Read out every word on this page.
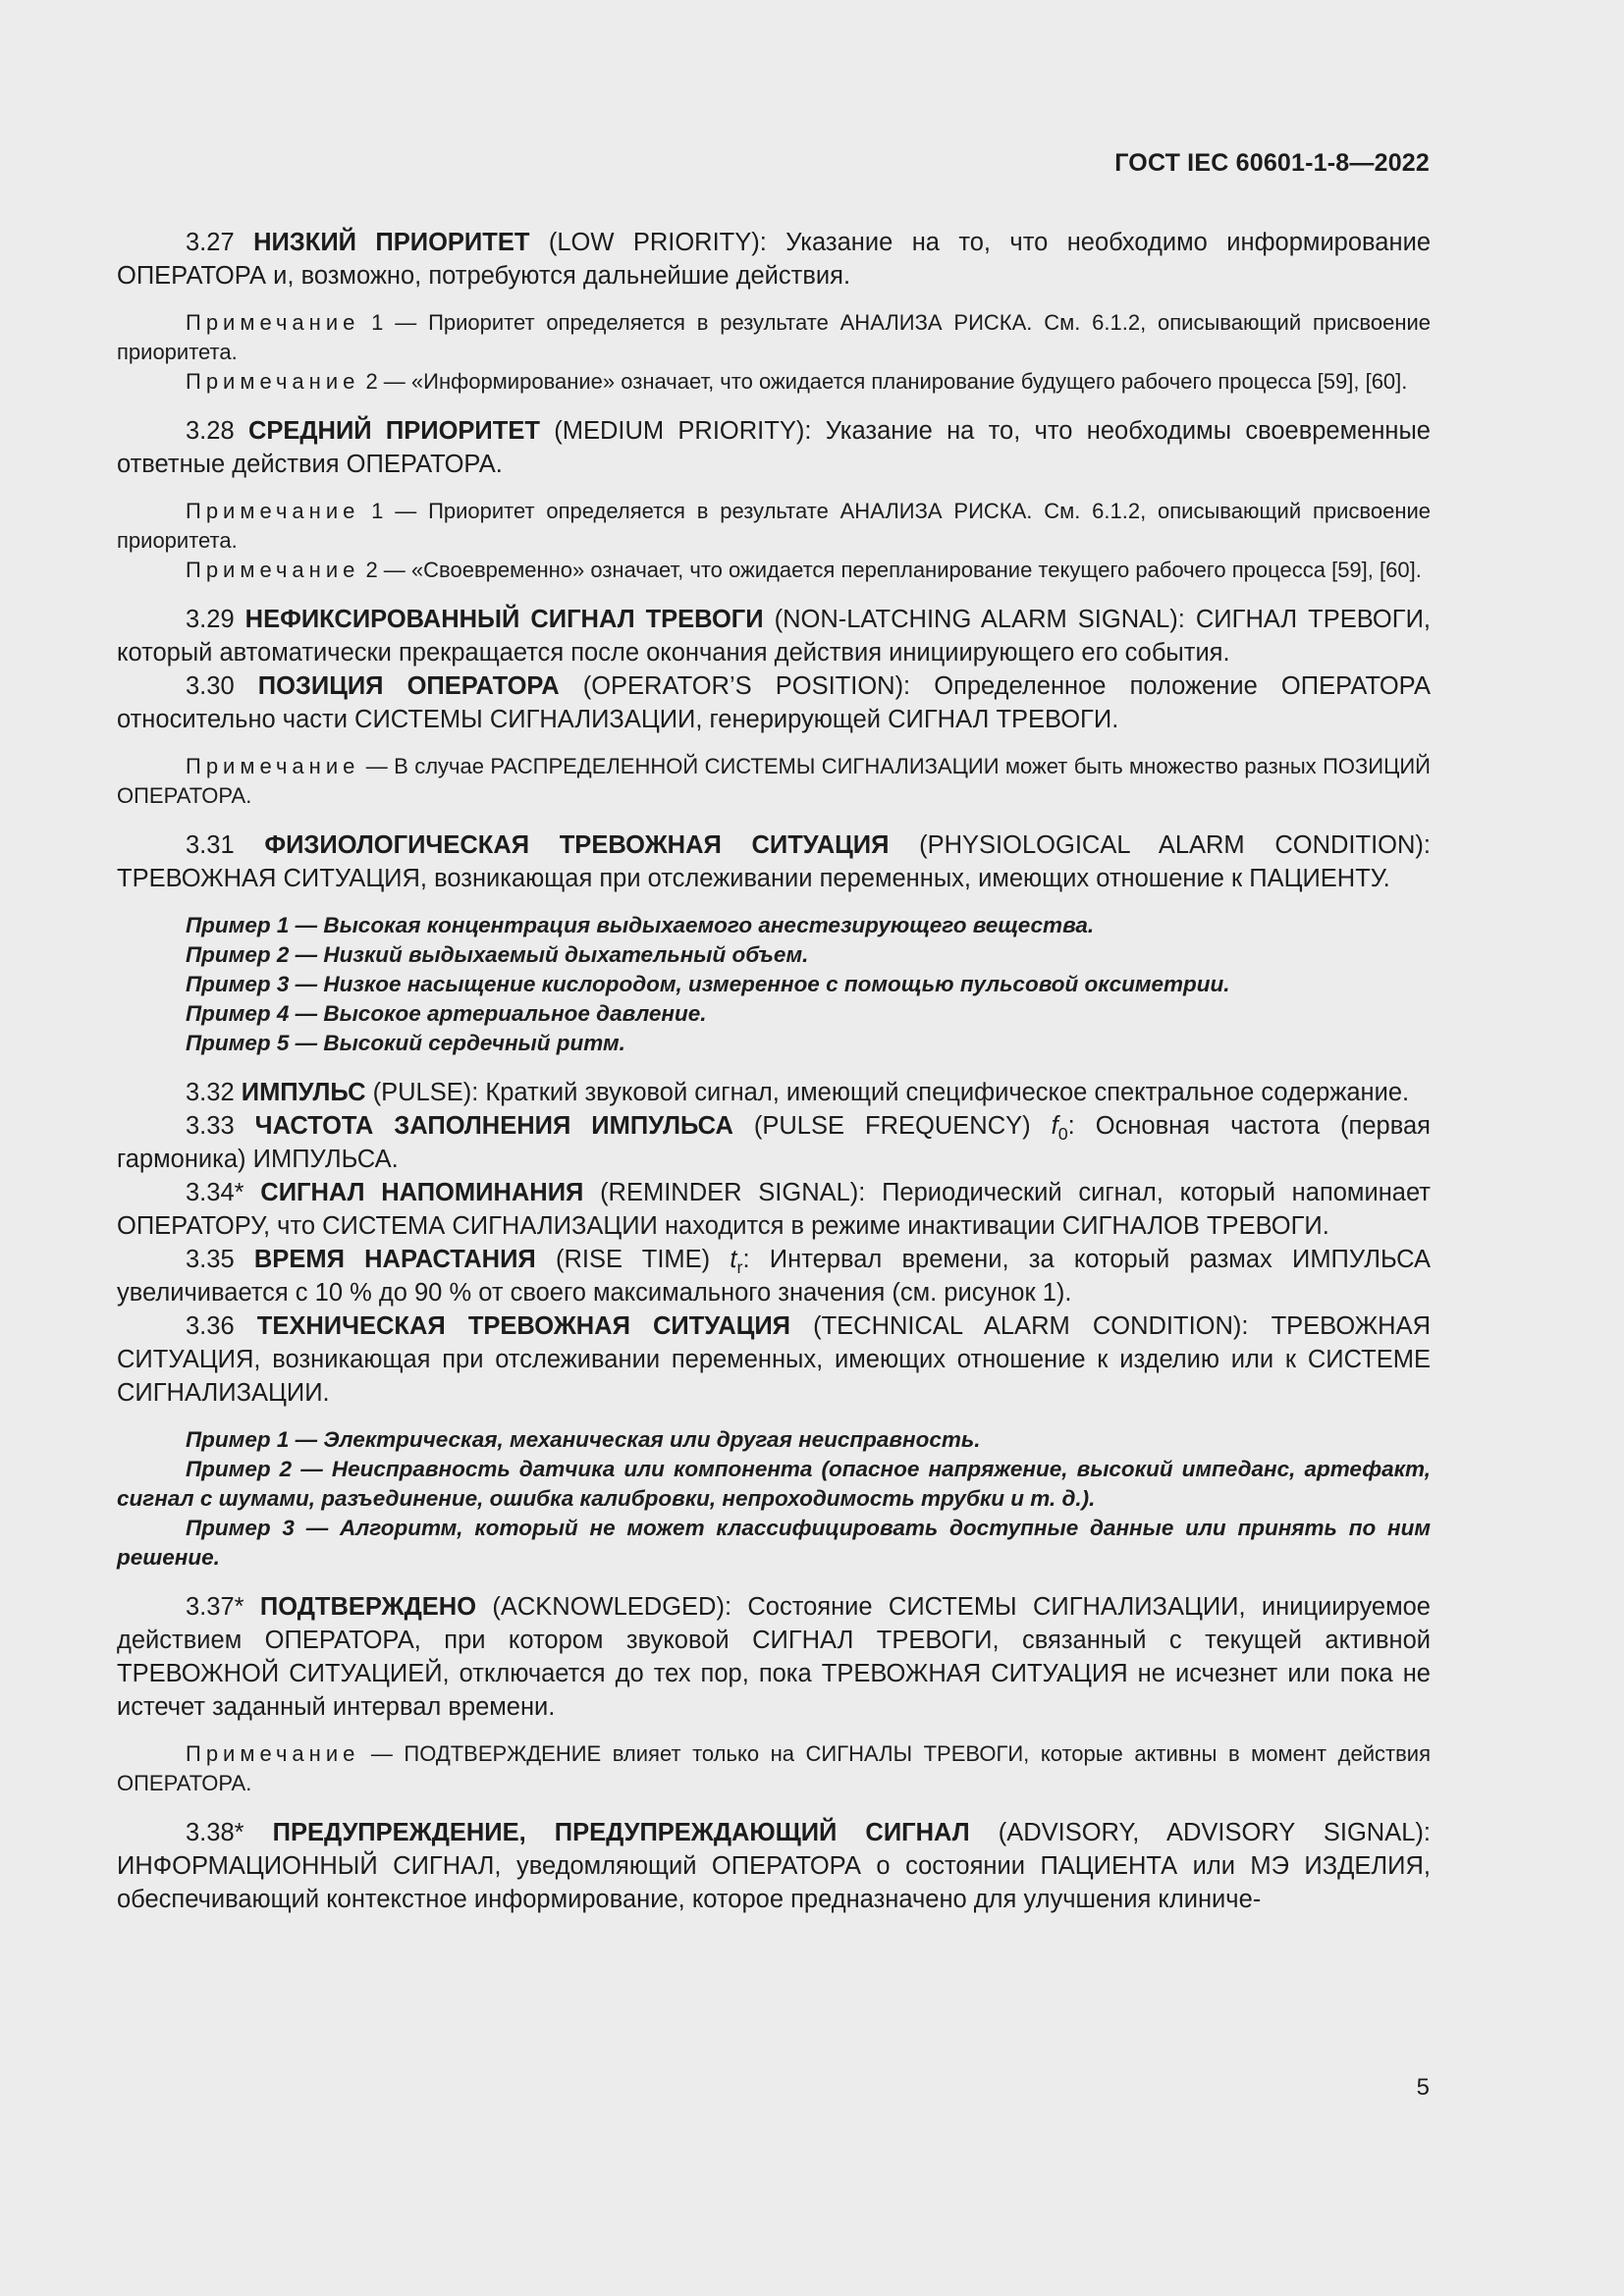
ГОСТ IEC 60601-1-8—2022

3.27 НИЗКИЙ ПРИОРИТЕТ (LOW PRIORITY): Указание на то, что необходимо информирование ОПЕРАТОРА и, возможно, потребуются дальнейшие действия.

Примечание 1 — Приоритет определяется в результате АНАЛИЗА РИСКА. См. 6.1.2, описывающий присвоение приоритета.

Примечание 2 — «Информирование» означает, что ожидается планирование будущего рабочего процесса [59], [60].

3.28 СРЕДНИЙ ПРИОРИТЕТ (MEDIUM PRIORITY): Указание на то, что необходимы своевременные ответные действия ОПЕРАТОРА.

Примечание 1 — Приоритет определяется в результате АНАЛИЗА РИСКА. См. 6.1.2, описывающий присвоение приоритета.

Примечание 2 — «Своевременно» означает, что ожидается перепланирование текущего рабочего процесса [59], [60].

3.29 НЕФИКСИРОВАННЫЙ СИГНАЛ ТРЕВОГИ (NON-LATCHING ALARM SIGNAL): СИГНАЛ ТРЕВОГИ, который автоматически прекращается после окончания действия инициирующего его события.

3.30 ПОЗИЦИЯ ОПЕРАТОРА (OPERATOR’S POSITION): Определенное положение ОПЕРАТОРА относительно части СИСТЕМЫ СИГНАЛИЗАЦИИ, генерирующей СИГНАЛ ТРЕВОГИ.

Примечание — В случае РАСПРЕДЕЛЕННОЙ СИСТЕМЫ СИГНАЛИЗАЦИИ может быть множество разных ПОЗИЦИЙ ОПЕРАТОРА.

3.31 ФИЗИОЛОГИЧЕСКАЯ ТРЕВОЖНАЯ СИТУАЦИЯ (PHYSIOLOGICAL ALARM CONDITION): ТРЕВОЖНАЯ СИТУАЦИЯ, возникающая при отслеживании переменных, имеющих отношение к ПАЦИЕНТУ.

Пример 1 — Высокая концентрация выдыхаемого анестезирующего вещества.

Пример 2 — Низкий выдыхаемый дыхательный объем.

Пример 3 — Низкое насыщение кислородом, измеренное с помощью пульсовой оксиметрии.

Пример 4 — Высокое артериальное давление.

Пример 5 — Высокий сердечный ритм.

3.32 ИМПУЛЬС (PULSE): Краткий звуковой сигнал, имеющий специфическое спектральное содержание.

3.33 ЧАСТОТА ЗАПОЛНЕНИЯ ИМПУЛЬСА (PULSE FREQUENCY) $f_0$: Основная частота (первая гармоника) ИМПУЛЬСА.

3.34* СИГНАЛ НАПОМИНАНИЯ (REMINDER SIGNAL): Периодический сигнал, который напоминает ОПЕРАТОРУ, что СИСТЕМА СИГНАЛИЗАЦИИ находится в режиме инактивации СИГНАЛОВ ТРЕВОГИ.

3.35 ВРЕМЯ НАРАСТАНИЯ (RISE TIME) $t_r$: Интервал времени, за который размах ИМПУЛЬСА увеличивается с 10 % до 90 % от своего максимального значения (см. рисунок 1).

3.36 ТЕХНИЧЕСКАЯ ТРЕВОЖНАЯ СИТУАЦИЯ (TECHNICAL ALARM CONDITION): ТРЕВОЖНАЯ СИТУАЦИЯ, возникающая при отслеживании переменных, имеющих отношение к изделию или к СИСТЕМЕ СИГНАЛИЗАЦИИ.

Пример 1 — Электрическая, механическая или другая неисправность.

Пример 2 — Неисправность датчика или компонента (опасное напряжение, высокий импеданс, артефакт, сигнал с шумами, разъединение, ошибка калибровки, непроходимость трубки и т. д.).

Пример 3 — Алгоритм, который не может классифицировать доступные данные или принять по ним решение.

3.37* ПОДТВЕРЖДЕНО (ACKNOWLEDGED): Состояние СИСТЕМЫ СИГНАЛИЗАЦИИ, инициируемое действием ОПЕРАТОРА, при котором звуковой СИГНАЛ ТРЕВОГИ, связанный с текущей активной ТРЕВОЖНОЙ СИТУАЦИЕЙ, отключается до тех пор, пока ТРЕВОЖНАЯ СИТУАЦИЯ не исчезнет или пока не истечет заданный интервал времени.

Примечание — ПОДТВЕРЖДЕНИЕ влияет только на СИГНАЛЫ ТРЕВОГИ, которые активны в момент действия ОПЕРАТОРА.

3.38* ПРЕДУПРЕЖДЕНИЕ, ПРЕДУПРЕЖДАЮЩИЙ СИГНАЛ (ADVISORY, ADVISORY SIGNAL): ИНФОРМАЦИОННЫЙ СИГНАЛ, уведомляющий ОПЕРАТОРА о состоянии ПАЦИЕНТА или МЭ ИЗДЕЛИЯ, обеспечивающий контекстное информирование, которое предназначено для улучшения клиниче-

5
